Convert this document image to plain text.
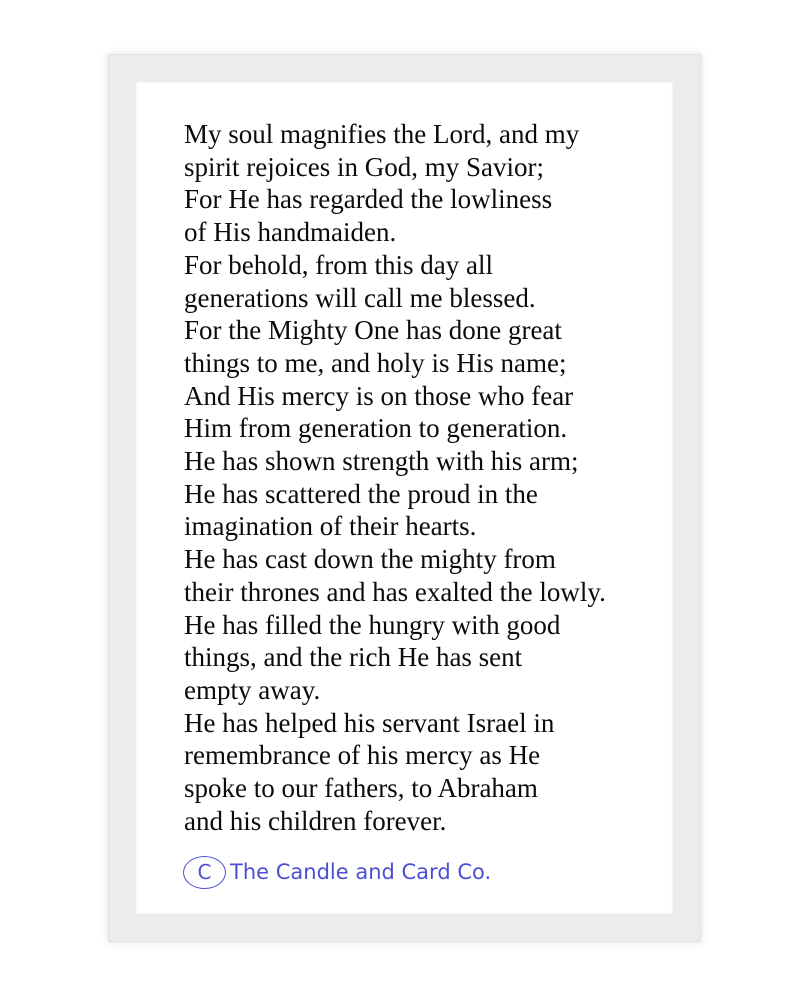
My soul magnifies the Lord, and my
spirit rejoices in God, my Savior;
For He has regarded the lowliness
of His handmaiden.
For behold, from this day all
generations will call me blessed.
For the Mighty One has done great
things to me, and holy is His name;
And His mercy is on those who fear
Him from generation to generation.
He has shown strength with his arm;
He has scattered the proud in the
imagination of their hearts.
He has cast down the mighty from
their thrones and has exalted the lowly.
He has filled the hungry with good
things, and the rich He has sent
empty away.
He has helped his servant Israel in
remembrance of his mercy as He
spoke to our fathers, to Abraham
and his children forever.
C The Candle and Card Co.
